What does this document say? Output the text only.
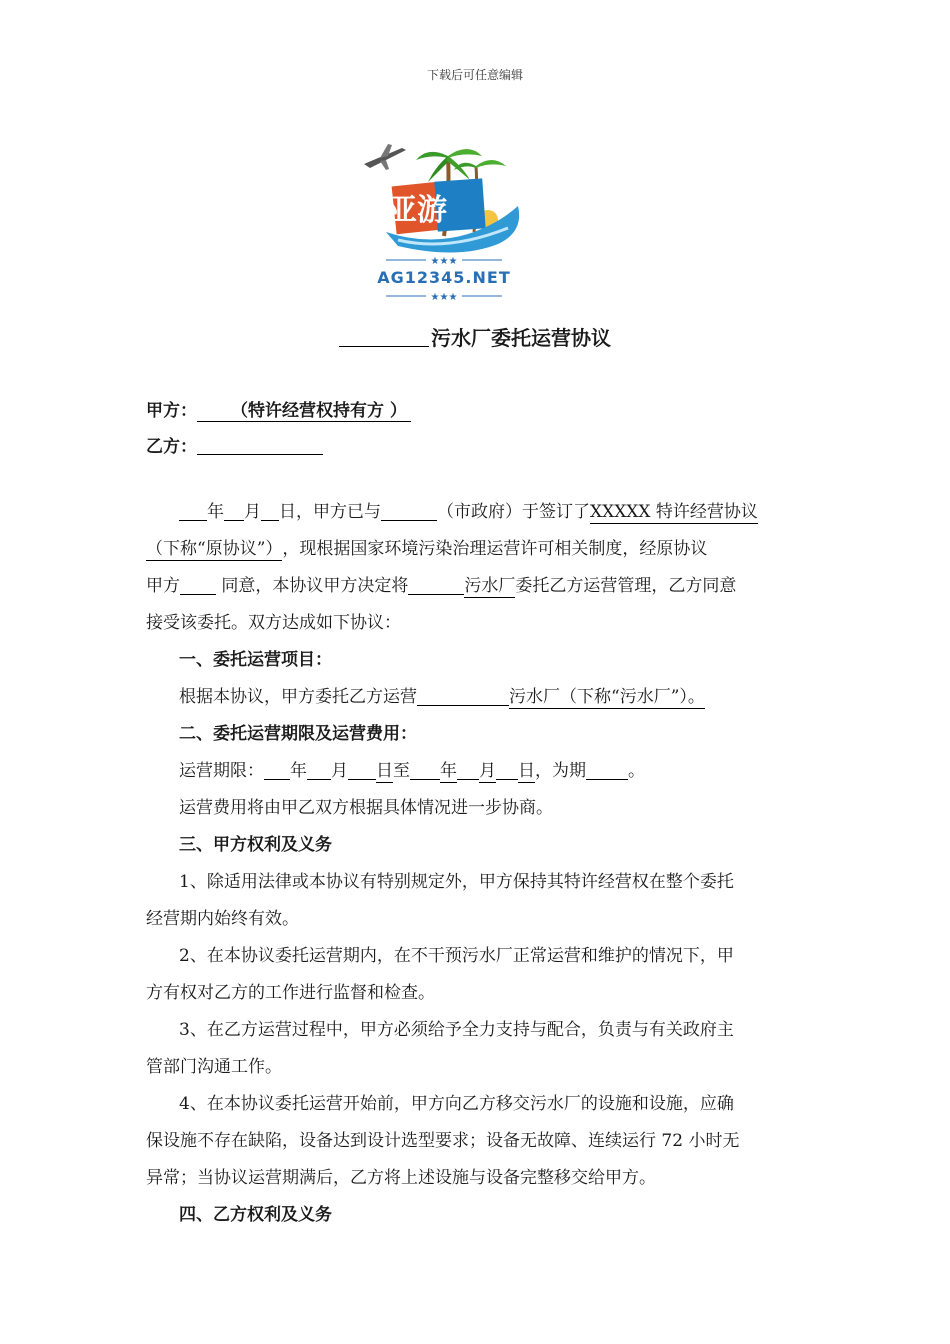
下载后可任意编辑
亚游
★★★
★★★
AG12345.NET
污水厂委托运营协议
甲方： （特许经营权持有方 ）
乙方：
年 月 日，甲方已与	（市政府）于签订了XXXXX 特许经营协议
（下称“原协议”），现根据国家环境污染治理运营许可相关制度，经原协议
甲方 同意，本协议甲方决定将	污水厂委托乙方运营管理，乙方同意
接受该委托。双方达成如下协议：
一、委托运营项目：
根据本协议，甲方委托乙方运营	污水厂（下称“污水厂”）。
二、委托运营期限及运营费用：
运营期限： 年 月 日至 年 月 日，为期 。
运营费用将由甲乙双方根据具体情况进一步协商。
三、甲方权利及义务
1、除适用法律或本协议有特别规定外，甲方保持其特许经营权在整个委托
经营期内始终有效。
2、在本协议委托运营期内，在不干预污水厂正常运营和维护的情况下，甲
方有权对乙方的工作进行监督和检查。
3、在乙方运营过程中，甲方必须给予全力支持与配合，负责与有关政府主
管部门沟通工作。
4、在本协议委托运营开始前，甲方向乙方移交污水厂的设施和设施，应确
保设施不存在缺陷，设备达到设计选型要求；设备无故障、连续运行 72 小时无
异常；当协议运营期满后，乙方将上述设施与设备完整移交给甲方。
四、乙方权利及义务
